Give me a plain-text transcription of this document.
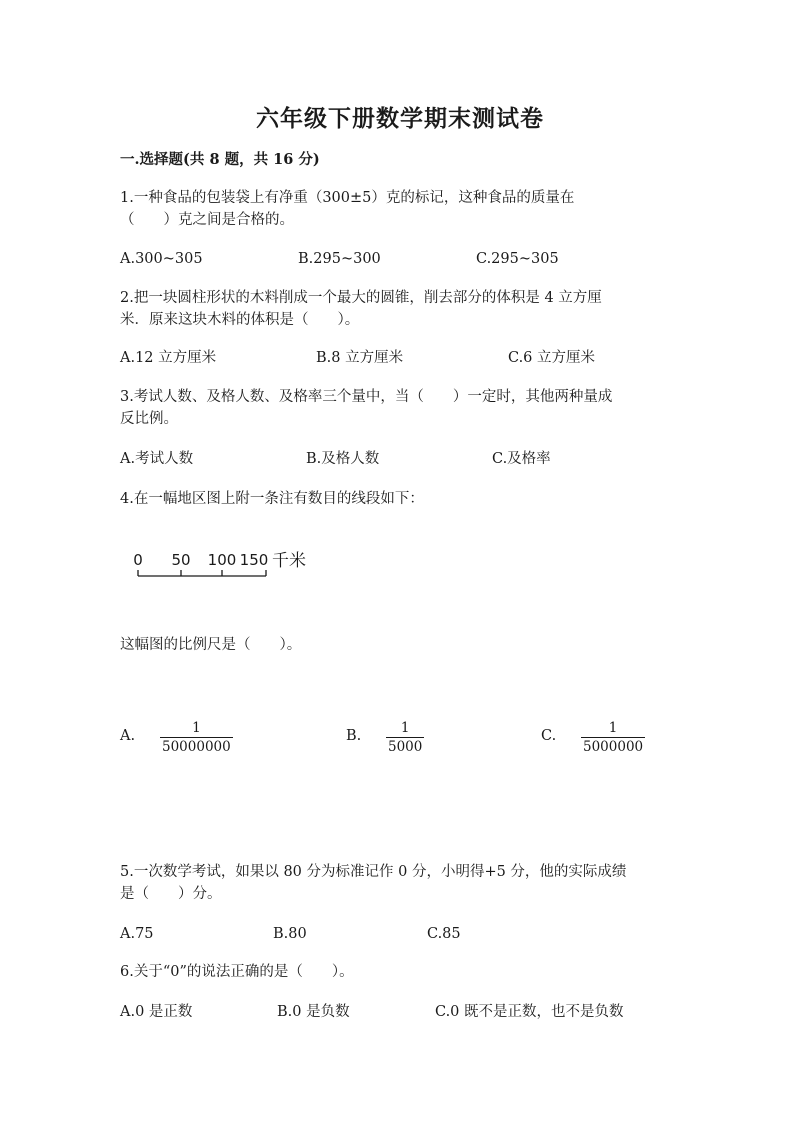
六年级下册数学期末测试卷
一.选择题(共 8 题，共 16 分)
1.一种食品的包装袋上有净重（300±5）克的标记，这种食品的质量在
（　　）克之间是合格的。
A.300~305	B.295~300	C.295~305
2.把一块圆柱形状的木料削成一个最大的圆锥，削去部分的体积是 4 立方厘
米．原来这块木料的体积是（　　）。
A.12 立方厘米	B.8 立方厘米	C.6 立方厘米
3.考试人数、及格人数、及格率三个量中，当（　　）一定时，其他两种量成
反比例。
A.考试人数	B.及格人数	C.及格率
4.在一幅地区图上附一条注有数目的线段如下：
0 50 100 150 千米
这幅图的比例尺是（　　）。
A. $\frac{1}{50000000}$	B. $\frac{1}{5000}$	C. $\frac{1}{5000000}$
5.一次数学考试，如果以 80 分为标准记作 0 分，小明得+5 分，他的实际成绩
是（　　）分。
A.75	B.80	C.85
6.关于“0”的说法正确的是（　　）。
A.0 是正数	B.0 是负数	C.0 既不是正数，也不是负数
